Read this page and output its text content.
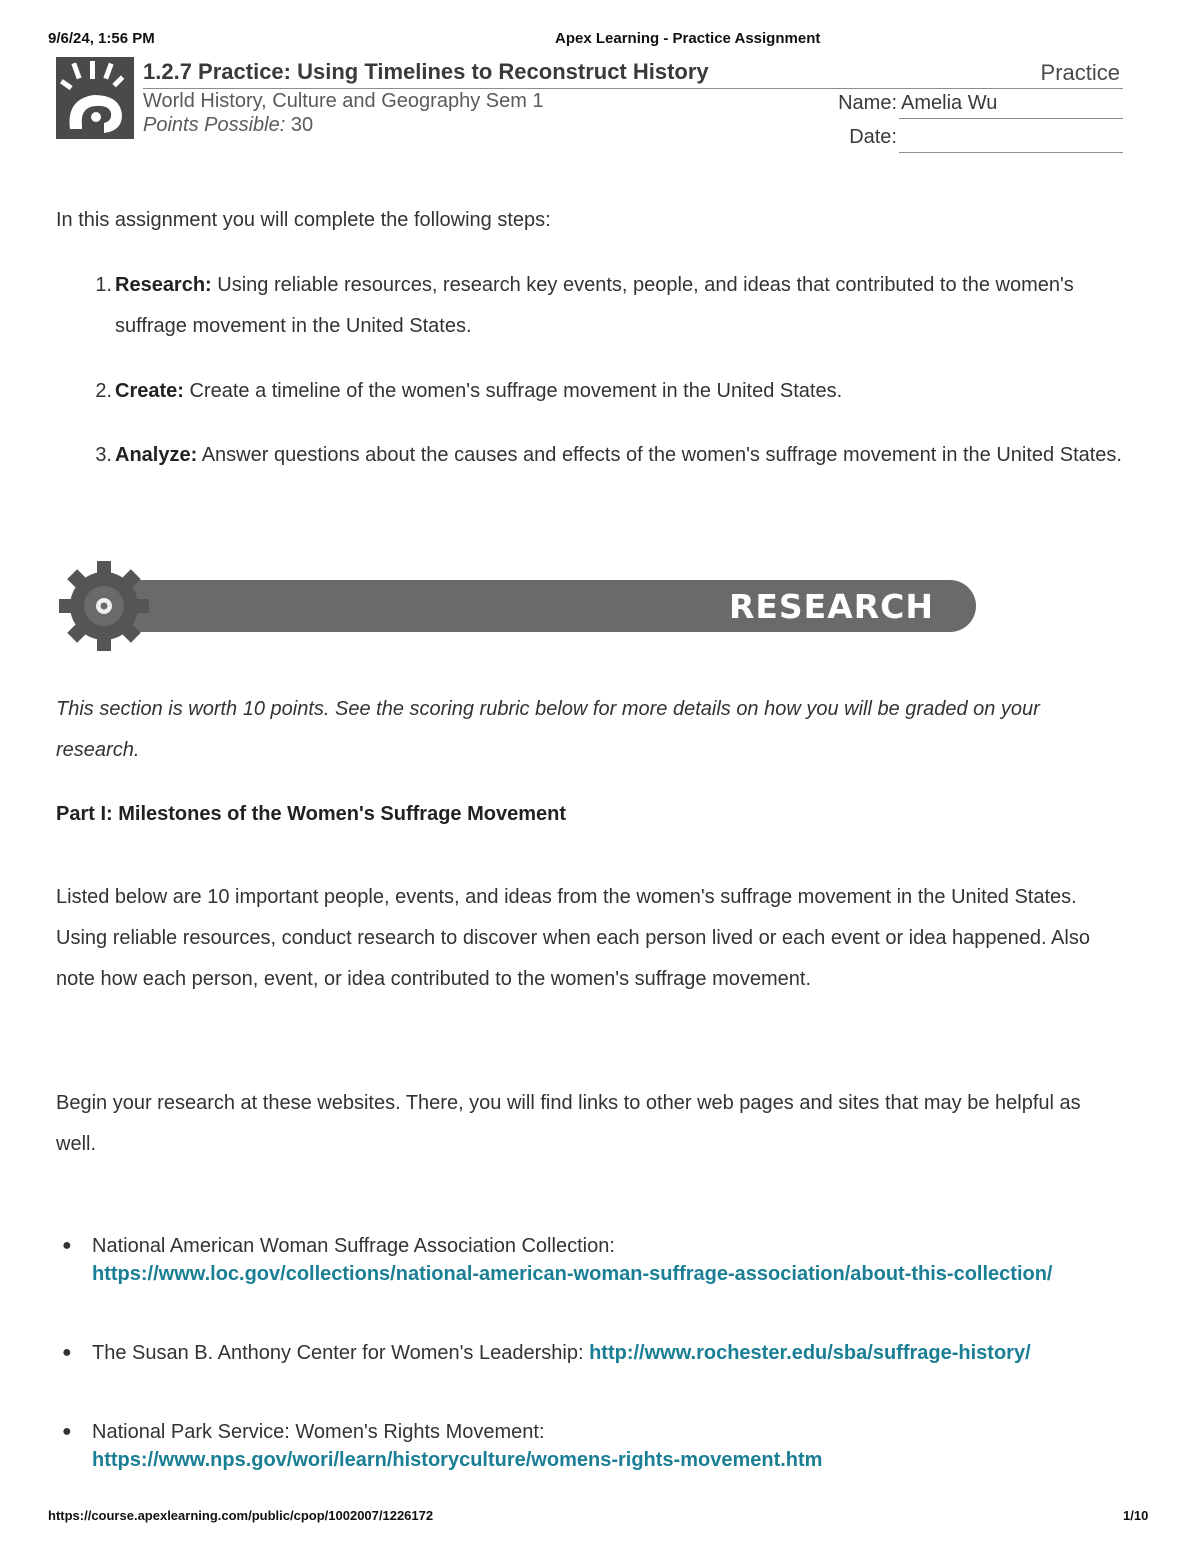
9/6/24, 1:56 PM	Apex Learning - Practice Assignment
1.2.7 Practice: Using Timelines to Reconstruct History	Practice
World History, Culture and Geography Sem 1
Points Possible: 30
Name: Amelia Wu
Date:
In this assignment you will complete the following steps:
1. Research: Using reliable resources, research key events, people, and ideas that contributed to the women's suffrage movement in the United States.
2. Create: Create a timeline of the women's suffrage movement in the United States.
3. Analyze: Answer questions about the causes and effects of the women's suffrage movement in the United States.
RESEARCH
This section is worth 10 points. See the scoring rubric below for more details on how you will be graded on your research.
Part I: Milestones of the Women's Suffrage Movement
Listed below are 10 important people, events, and ideas from the women's suffrage movement in the United States. Using reliable resources, conduct research to discover when each person lived or each event or idea happened. Also note how each person, event, or idea contributed to the women's suffrage movement.
Begin your research at these websites. There, you will find links to other web pages and sites that may be helpful as well.
● National American Woman Suffrage Association Collection:
https://www.loc.gov/collections/national-american-woman-suffrage-association/about-this-collection/
● The Susan B. Anthony Center for Women's Leadership: http://www.rochester.edu/sba/suffrage-history/
● National Park Service: Women's Rights Movement:
https://www.nps.gov/wori/learn/historyculture/womens-rights-movement.htm
https://course.apexlearning.com/public/cpop/1002007/1226172	1/10
